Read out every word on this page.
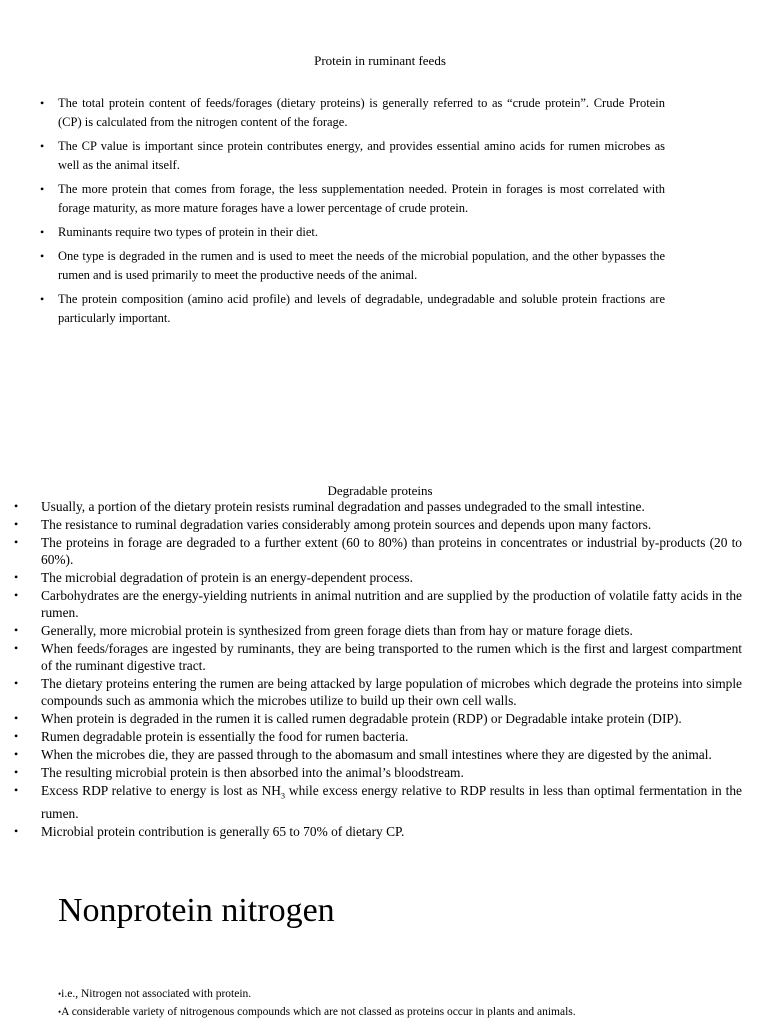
Protein in ruminant feeds
• The total protein content of feeds/forages (dietary proteins) is generally referred to as “crude protein”. Crude Protein (CP) is calculated from the nitrogen content of the forage.
• The CP value is important since protein contributes energy, and provides essential amino acids for rumen microbes as well as the animal itself.
• The more protein that comes from forage, the less supplementation needed. Protein in forages is most correlated with forage maturity, as more mature forages have a lower percentage of crude protein.
• Ruminants require two types of protein in their diet.
• One type is degraded in the rumen and is used to meet the needs of the microbial population, and the other bypasses the rumen and is used primarily to meet the productive needs of the animal.
• The protein composition (amino acid profile) and levels of degradable, undegradable and soluble protein fractions are particularly important.
Degradable proteins
• Usually, a portion of the dietary protein resists ruminal degradation and passes undegraded to the small intestine.
• The resistance to ruminal degradation varies considerably among protein sources and depends upon many factors.
• The proteins in forage are degraded to a further extent (60 to 80%) than proteins in concentrates or industrial by-products (20 to 60%).
• The microbial degradation of protein is an energy-dependent process.
• Carbohydrates are the energy-yielding nutrients in animal nutrition and are supplied by the production of volatile fatty acids in the rumen.
• Generally, more microbial protein is synthesized from green forage diets than from hay or mature forage diets.
• When feeds/forages are ingested by ruminants, they are being transported to the rumen which is the first and largest compartment of the ruminant digestive tract.
• The dietary proteins entering the rumen are being attacked by large population of microbes which degrade the proteins into simple compounds such as ammonia which the microbes utilize to build up their own cell walls.
• When protein is degraded in the rumen it is called rumen degradable protein (RDP) or Degradable intake protein (DIP).
• Rumen degradable protein is essentially the food for rumen bacteria.
• When the microbes die, they are passed through to the abomasum and small intestines where they are digested by the animal.
• The resulting microbial protein is then absorbed into the animal’s bloodstream.
• Excess RDP relative to energy is lost as $NH_3$ while excess energy relative to RDP results in less than optimal fermentation in the rumen.
• Microbial protein contribution is generally 65 to 70% of dietary CP.
Nonprotein nitrogen
•i.e., Nitrogen not associated with protein.
•A considerable variety of nitrogenous compounds which are not classed as proteins occur in plants and animals.
